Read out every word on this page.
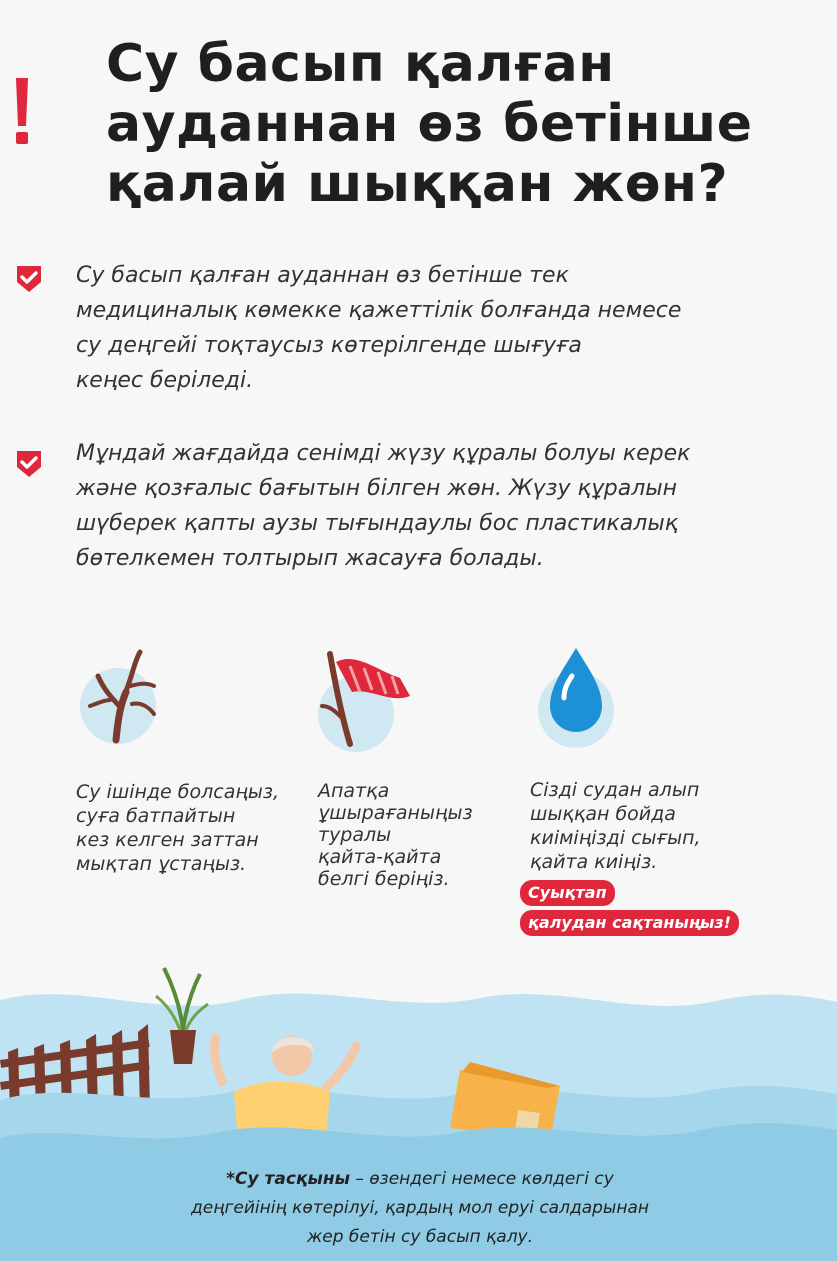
Су басып қалған
ауданнан өз бетінше
қалай шыққан жөн?

Су басып қалған ауданнан өз бетінше тек
медициналық көмекке қажеттілік болғанда немесе
су деңгейі тоқтаусыз көтерілгенде шығуға
кеңес беріледі.

Мұндай жағдайда сенімді жүзу құралы болуы керек
және қозғалыс бағытын білген жөн. Жүзу құралын
шүберек қапты аузы тығындаулы бос пластикалық
бөтелкемен толтырып жасауға болады.

Су ішінде болсаңыз,
суға батпайтын
кез келген заттан
мықтап ұстаңыз.
Апатқа
ұшырағаныңыз
туралы
қайта-қайта
белгі беріңіз.
Сізді судан алып
шыққан бойда
киіміңізді сығып,
қайта киіңіз.
Суықтап
қалудан сақтаныңыз!
*Су тасқыны – өзендегі немесе көлдегі су
деңгейінің көтерілуі, қардың мол еруі салдарынан
жер бетін су басып қалу.
